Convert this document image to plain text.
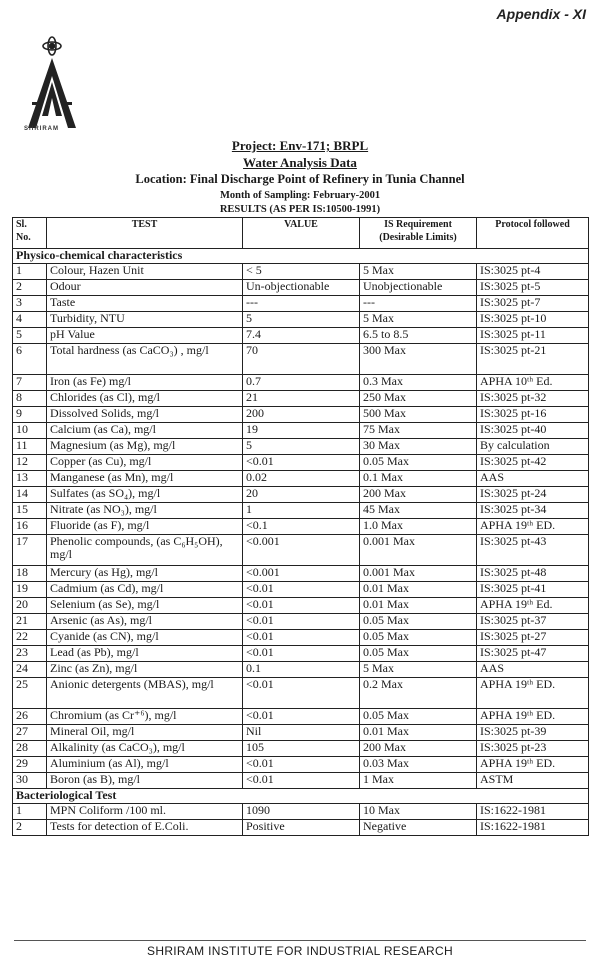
Appendix - XI
SHRIRAM
Project: Env-171; BRPL
Water Analysis Data
Location: Final Discharge Point of Refinery in Tunia Channel
Month of Sampling: February-2001
RESULTS (AS PER IS:10500-1991)
Sl. No.	TEST	VALUE	IS Requirement (Desirable Limits)	Protocol followed
Physico-chemical characteristics				
1	Colour, Hazen Unit	< 5	5 Max	IS:3025 pt-4
2	Odour	Un-objectionable	Unobjectionable	IS:3025 pt-5
3	Taste	---	---	IS:3025 pt-7
4	Turbidity, NTU	5	5 Max	IS:3025 pt-10
5	pH Value	7.4	6.5 to 8.5	IS:3025 pt-11
6	Total hardness (as CaCO₃) , mg/l	70	300 Max	IS:3025 pt-21
7	Iron (as Fe) mg/l	0.7	0.3 Max	APHA 10ᵗʰ Ed.
8	Chlorides (as Cl), mg/l	21	250 Max	IS:3025 pt-32
9	Dissolved Solids, mg/l	200	500 Max	IS:3025 pt-16
10	Calcium (as Ca), mg/l	19	75 Max	IS:3025 pt-40
11	Magnesium (as Mg), mg/l	5	30 Max	By calculation
12	Copper (as Cu), mg/l	<0.01	0.05 Max	IS:3025 pt-42
13	Manganese (as Mn), mg/l	0.02	0.1 Max	AAS
14	Sulfates (as SO₄), mg/l	20	200 Max	IS:3025 pt-24
15	Nitrate (as NO₃), mg/l	1	45 Max	IS:3025 pt-34
16	Fluoride (as F), mg/l	<0.1	1.0 Max	APHA 19ᵗʰ ED.
17	Phenolic compounds, (as C₆H₅OH), mg/l	<0.001	0.001 Max	IS:3025 pt-43
18	Mercury (as Hg), mg/l	<0.001	0.001 Max	IS:3025 pt-48
19	Cadmium (as Cd), mg/l	<0.01	0.01 Max	IS:3025 pt-41
20	Selenium (as Se), mg/l	<0.01	0.01 Max	APHA 19ᵗʰ Ed.
21	Arsenic (as As), mg/l	<0.01	0.05 Max	IS:3025 pt-37
22	Cyanide (as CN), mg/l	<0.01	0.05 Max	IS:3025 pt-27
23	Lead (as Pb), mg/l	<0.01	0.05 Max	IS:3025 pt-47
24	Zinc (as Zn), mg/l	0.1	5 Max	AAS
25	Anionic detergents (MBAS), mg/l	<0.01	0.2 Max	APHA 19ᵗʰ ED.
26	Chromium (as Cr⁺⁶), mg/l	<0.01	0.05 Max	APHA 19ᵗʰ ED.
27	Mineral Oil, mg/l	Nil	0.01 Max	IS:3025 pt-39
28	Alkalinity (as CaCO₃), mg/l	105	200 Max	IS:3025 pt-23
29	Aluminium (as Al), mg/l	<0.01	0.03 Max	APHA 19ᵗʰ ED.
30	Boron (as B), mg/l	<0.01	1 Max	ASTM
Bacteriological Test				
1	MPN Coliform /100 ml.	1090	10 Max	IS:1622-1981
2	Tests for detection of E.Coli.	Positive	Negative	IS:1622-1981
SHRIRAM INSTITUTE FOR INDUSTRIAL RESEARCH
